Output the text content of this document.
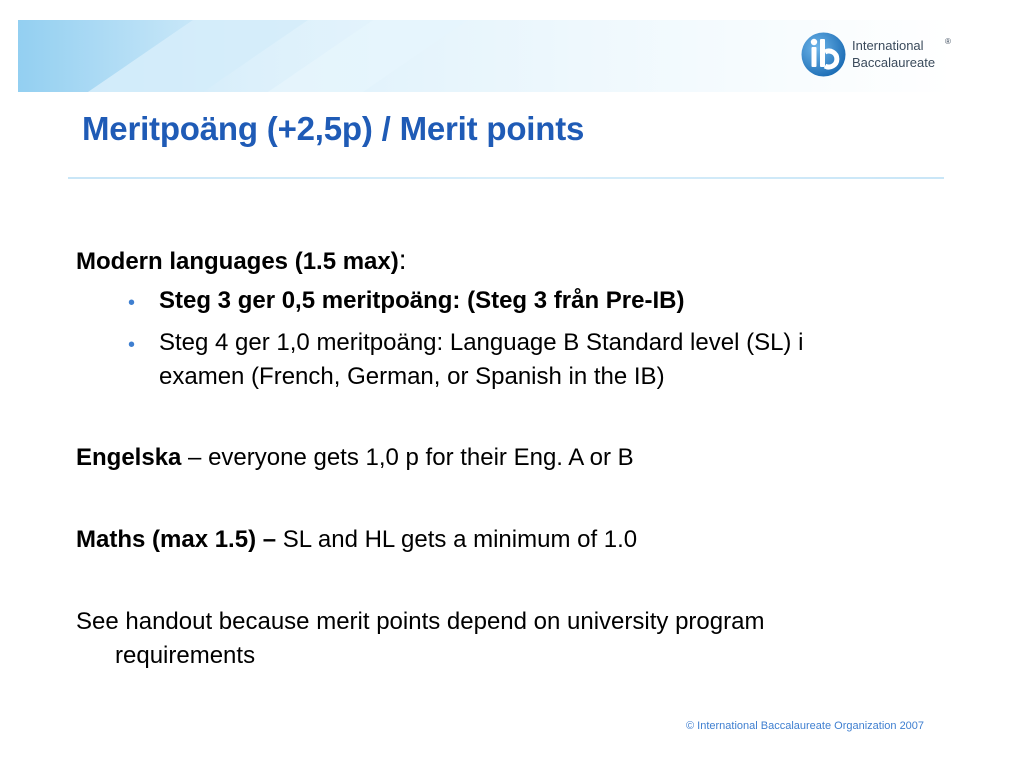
International
Baccalaureate
®
Meritpoäng (+2,5p) / Merit points
Modern languages (1.5 max):
• Steg 3 ger 0,5 meritpoäng: (Steg 3 från Pre-IB)
• Steg 4 ger 1,0 meritpoäng: Language B Standard level (SL) i
examen (French, German, or Spanish in the IB)
Engelska – everyone gets 1,0 p for their Eng. A or B
Maths (max 1.5) – SL and HL gets a minimum of 1.0
See handout because merit points depend on university program
requirements
© International Baccalaureate Organization 2007
